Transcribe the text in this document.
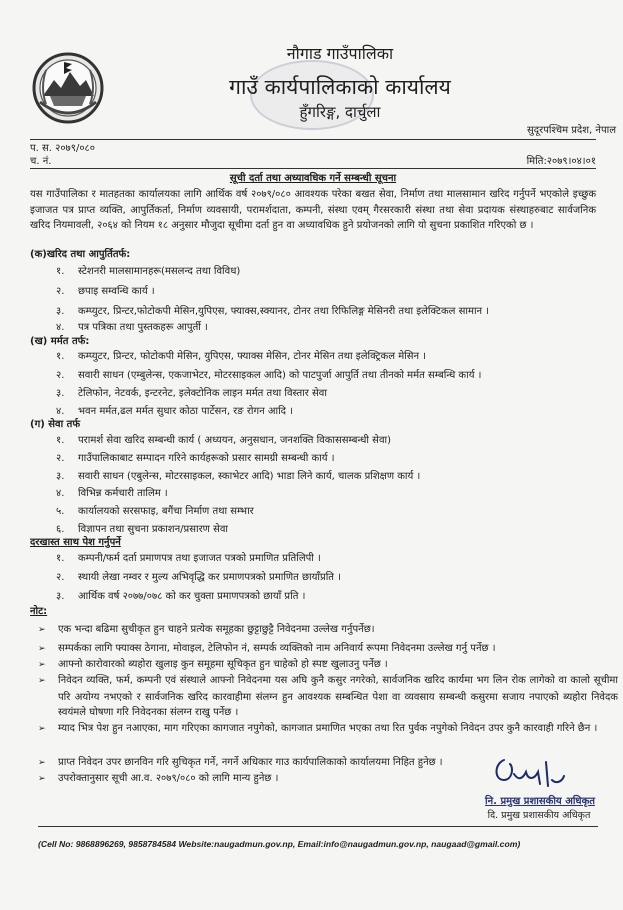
नौगाड गाउँपालिका
गाउँ कार्यपालिकाको कार्यालय
हुँगरिङ्ग, दार्चुला
सुदूरपश्चिम प्रदेश, नेपाल
प. स. २०७९/०८०
च. नं.	मिति:२०७९।०४।०१
सूची दर्ता तथा अध्यावधिक गर्ने सम्बन्धी सूचना
यस गाउँपालिका र मातहतका कार्यालयका लागि आर्थिक वर्ष २०७९/०८० आवश्यक परेका बखत सेवा, निर्माण तथा मालसामान खरिद गर्नुपर्ने भएकोले इच्छुक इजाजत पत्र प्राप्त व्यक्ति, आपुर्तिकर्ता, निर्माण व्यवसायी, परामर्शदाता, कम्पनी, संस्था एवम् गैरसरकारी संस्था तथा सेवा प्रदायक संस्थाहरुबाट सार्वजनिक खरिद नियमावली, २०६४ को नियम १८ अनुसार मौजुदा सूचीमा दर्ता हुन वा अध्यावधिक हुने प्रयोजनको लागि यो सुचना प्रकाशित गरिएको छ ।
(क)खरिद तथा आपुर्तितर्फ:
१. स्टेशनरी मालसामानहरू(मसलन्द तथा विविध)
२. छपाइ सम्वन्धि कार्य ।
३. कम्प्युटर, प्रिन्टर,फोटोकपी मेसिन,युपिएस, फ्याक्स,स्क्यानर, टोनर तथा रिफिलिङ्ग मेसिनरी तथा इलेक्टिकल सामान ।
४. पत्र पत्रिका तथा पुस्तकहरू आपुर्ती ।
(ख) मर्मत तर्फ:
१. कम्प्युटर, प्रिन्टर, फोटोकपी मेसिन, युपिएस, फ्याक्स मेसिन, टोनर मेसिन तथा इलेक्ट्रिकल मेसिन ।
२. सवारी साधन (एम्बुलेन्स, एकजाभेटर, मोटरसाइकल आदि) को पाटपुर्जा आपुर्ति तथा तीनको मर्मत सम्बन्धि कार्य ।
३. टेलिफोन, नेटवर्क, इन्टरनेट, इलेक्टोनिक लाइन मर्मत तथा विस्तार सेवा
४. भवन मर्मत,ढल मर्मत सुधार कोठा पार्टेसन, रङ रोगन आदि ।
(ग) सेवा तर्फ
१. परामर्श सेवा खरिद सम्बन्धी कार्य ( अध्ययन, अनुसधान, जनशक्ति विकाससम्बन्धी सेवा)
२. गाउँपालिकाबाट सम्पादन गरिने कार्यहरूको प्रसार सामग्री सम्बन्धी कार्य ।
३. सवारी साधन (एबुलेन्स, मोटरसाइकल, स्काभेटर आदि) भाडा लिने कार्य, चालक प्रशिक्षण कार्य ।
४. विभिन्न कर्मचारी तालिम ।
५. कार्यालयको सरसफाइ, बगैंचा निर्माण तथा सम्भार
६. विज्ञापन तथा सुचना प्रकाशन/प्रसारण सेवा
दरखास्त साथ पेश गर्नुपर्ने
१. कम्पनी/फर्म दर्ता प्रमाणपत्र तथा इजाजत पत्रको प्रमाणित प्रतिलिपी ।
२. स्थायी लेखा नम्वर र मुल्य अभिवृद्धि कर प्रमाणपत्रको प्रमाणित छायाँप्रति ।
३. आर्थिक वर्ष २०७७/०७८ को कर चुक्ता प्रमाणपत्रको छायाँ प्रति ।
नोट:
➢ एक भन्दा बढिमा सुचीकृत हुन चाहने प्रत्येक समूहका छुट्टाछुट्टै निवेदनमा उल्लेख गर्नुपर्नेछ।
➢ सम्पर्कका लागि फ्याक्स ठेगाना, मोवाइल, टेलिफोन नं, सम्पर्क व्यक्तिको नाम अनिवार्य रूपमा निवेदनमा उल्लेख गर्नु पर्नेछ ।
➢ आफ्नो कारोवारको ब्यहोरा खुलाइ कुन समूहमा सूचिकृत हुन चाहेको हो स्पष्ट खुलाउनु पर्नेछ ।
➢ निवेदन व्यक्ति, फर्म, कम्पनी एवं संस्थाले आफ्नो निवेदनमा यस अघि कुनै कसुर नगरेको, सार्वजनिक खरिद कार्यमा भग लिन रोक लागेको वा कालो सूचीमा परि अयोग्य नभएको र सार्वजनिक खरिद कारवाहीमा संलग्न हुन आवश्यक सम्बन्धित पेशा वा व्यवसाय सम्बन्धी कसुरमा सजाय नपाएको ब्यहोरा निवेदक स्वयंमले घोषणा गरि निवेदनका संलग्न राखु पर्नेछ ।
➢ म्याद भित्र पेश हुन नआएका, माग गरिएका कागजात नपुगेको, कागजात प्रमाणित भएका तथा रित पुर्वक नपुगेको निवेदन उपर कुनै कारवाही गरिने छैन ।
➢ प्राप्त निवेदन उपर छानविन गरि सुचिकृत गर्ने, नगर्ने अधिकार गाउ कार्यपालिकाको कार्यालयमा निहित हुनेछ ।
➢ उपरोक्तानुसार सूची आ.व. २०७९/०८० को लागि मान्य हुनेछ ।
नि. प्रमुख प्रशासकीय अधिकृत
दि. प्रमुख प्रशासकीय अधिकृत
(Cell No: 9868896269, 9858784584 Website:naugadmun.gov.np, Email:info@naugadmun.gov.np, naugaad@gmail.com)
